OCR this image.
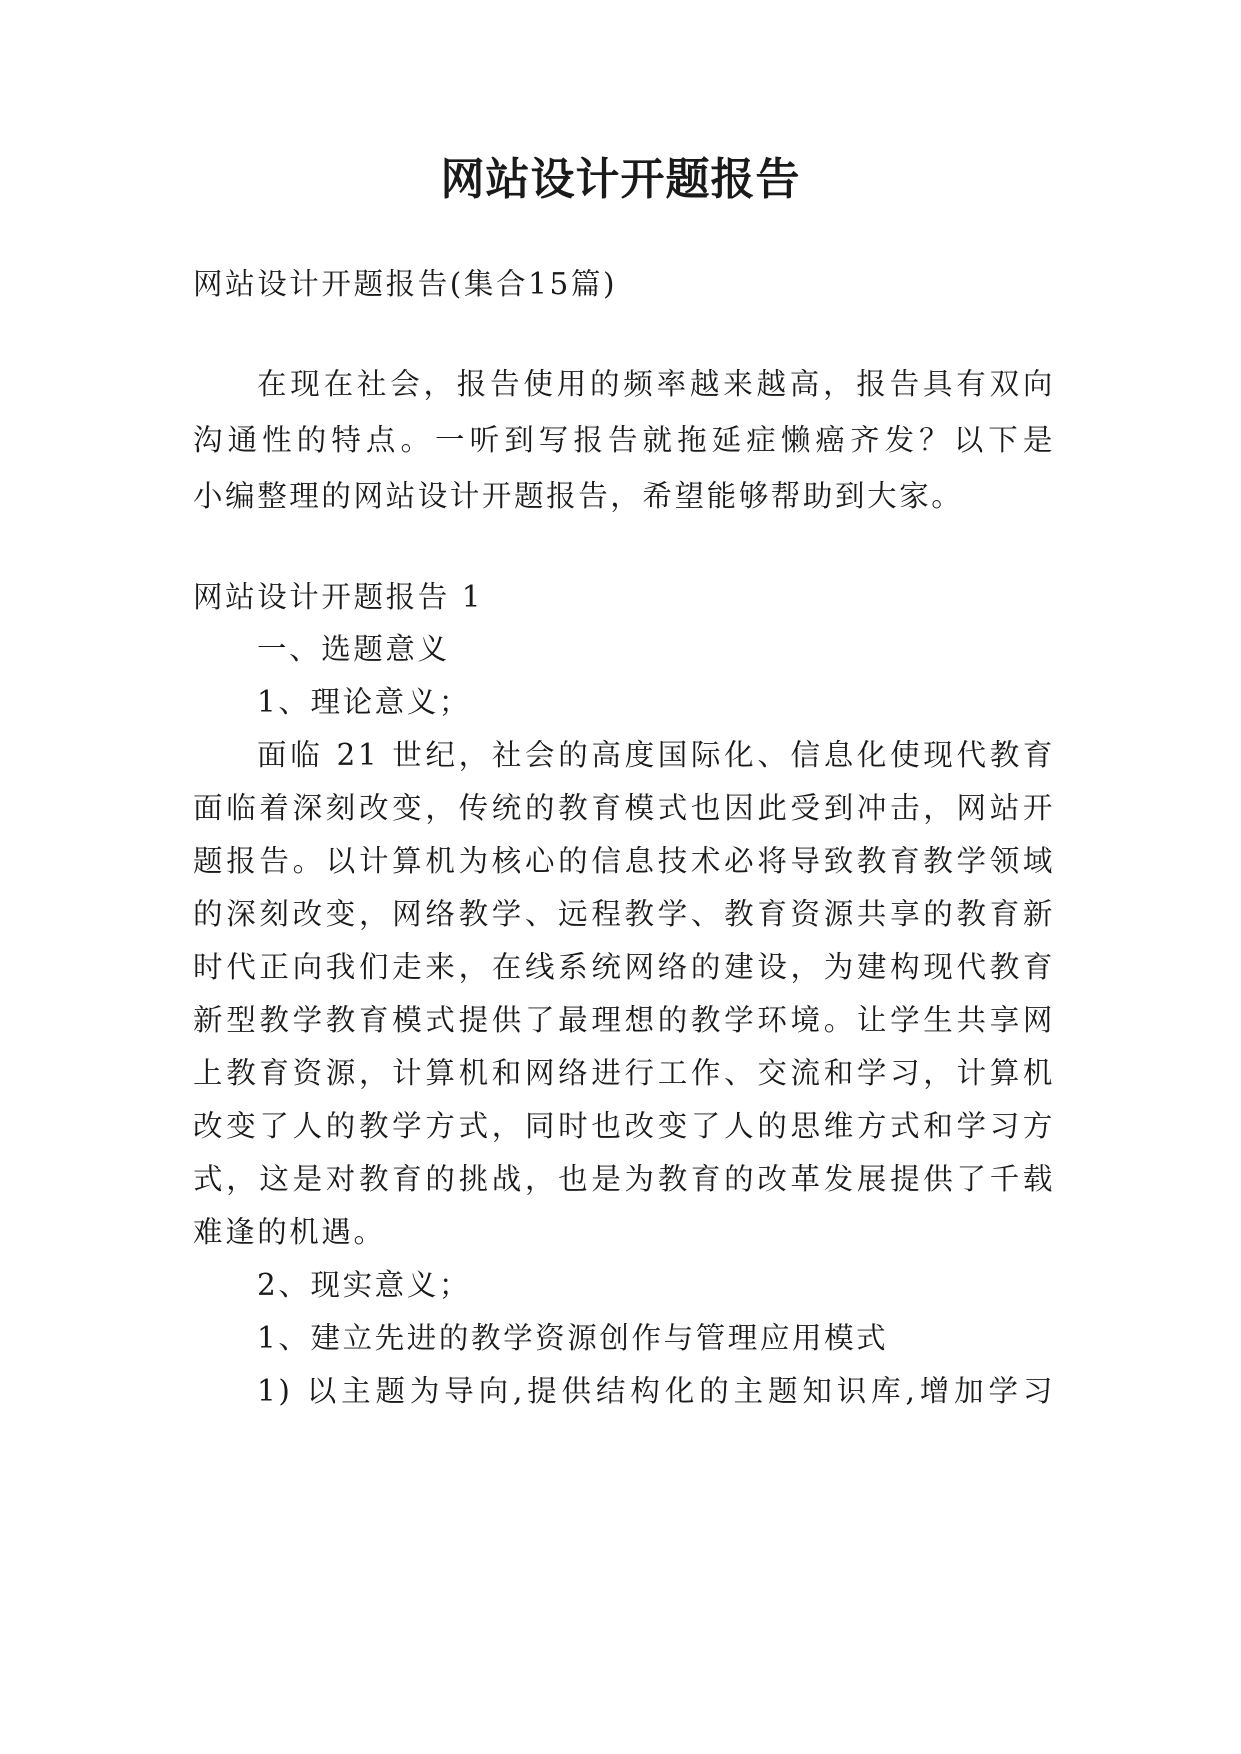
网站设计开题报告

网站设计开题报告(集合15篇)

在现在社会，报告使用的频率越来越高，报告具有双向

沟通性的特点。一听到写报告就拖延症懒癌齐发？以下是

小编整理的网站设计开题报告，希望能够帮助到大家。

网站设计开题报告 1

一、选题意义

1、理论意义；

面临 21 世纪，社会的高度国际化、信息化使现代教育

面临着深刻改变，传统的教育模式也因此受到冲击，网站开

题报告。以计算机为核心的信息技术必将导致教育教学领域

的深刻改变，网络教学、远程教学、教育资源共享的教育新

时代正向我们走来，在线系统网络的建设，为建构现代教育

新型教学教育模式提供了最理想的教学环境。让学生共享网

上教育资源，计算机和网络进行工作、交流和学习，计算机

改变了人的教学方式，同时也改变了人的思维方式和学习方

式，这是对教育的挑战，也是为教育的改革发展提供了千载

难逢的机遇。

2、现实意义；

1、建立先进的教学资源创作与管理应用模式

1) 以主题为导向,提供结构化的主题知识库,增加学习
